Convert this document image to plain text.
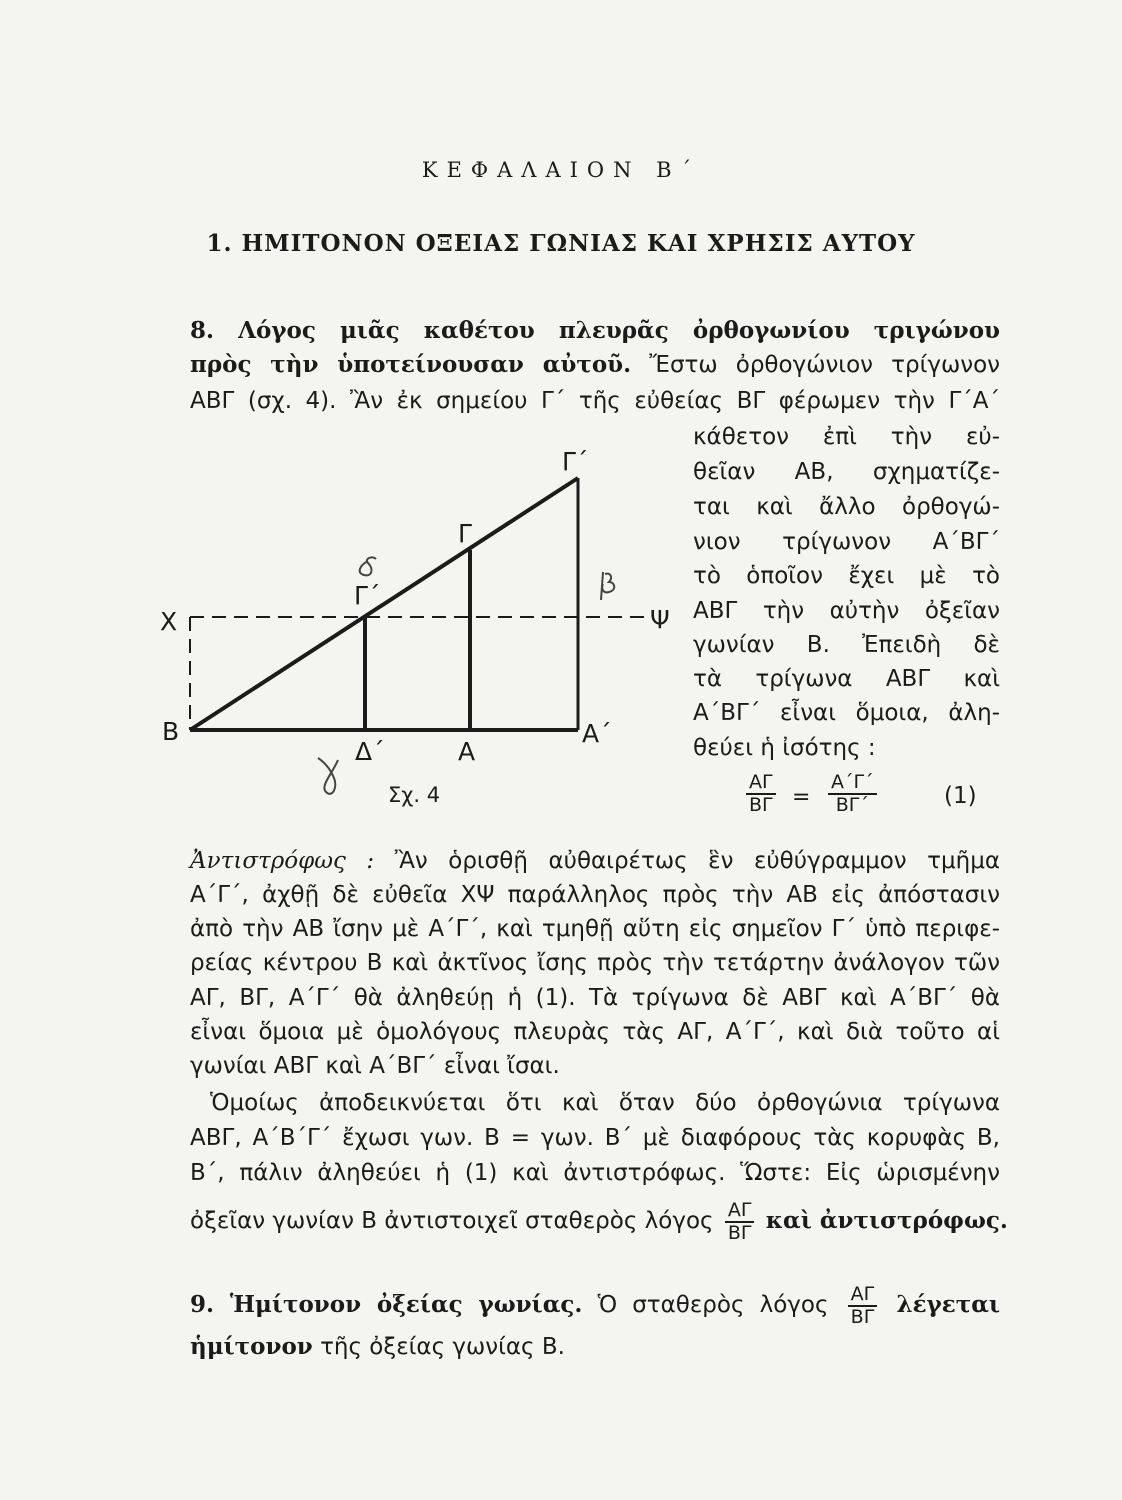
ΚΕΦΑΛΑΙΟΝ Β΄
1. ΗΜΙΤΟΝΟΝ ΟΞΕΙΑΣ ΓΩΝΙΑΣ ΚΑΙ ΧΡΗΣΙΣ ΑΥΤΟΥ
8. Λόγος μιᾶς καθέτου πλευρᾶς ὀρθογωνίου τριγώνου
πρὸς τὴν ὑποτείνουσαν αὐτοῦ. Ἔστω ὀρθογώνιον τρίγωνον
ΑΒΓ (σχ. 4). Ἂν ἐκ σημείου Γ΄ τῆς εὐθείας ΒΓ φέρωμεν τὴν Γ΄Α΄
κάθετον ἐπὶ τὴν εὐ-
θεῖαν ΑΒ, σχηματίζε-
ται καὶ ἄλλο ὀρθογώ-
νιον τρίγωνον Α΄ΒΓ΄
τὸ ὁποῖον ἔχει μὲ τὸ
ΑΒΓ τὴν αὐτὴν ὀξεῖαν
γωνίαν Β. Ἐπειδὴ δὲ
τὰ τρίγωνα ΑΒΓ καὶ
Α΄ΒΓ΄ εἶναι ὅμοια, ἀλη-
θεύει ἡ ἰσότης :
$\frac{A\Gamma}{B\Gamma} = \frac{A΄\Gamma΄}{B\Gamma΄}$	(1)
Χ	Ψ
Β
Δ΄	Α
Α΄
Γ
Γ΄
Γ΄
Σχ. 4
Ἀντιστρόφως : Ἂν ὁρισθῇ αὐθαιρέτως ἓν εὐθύγραμμον τμῆμα
Α΄Γ΄, ἀχθῇ δὲ εὐθεῖα ΧΨ παράλληλος πρὸς τὴν ΑΒ εἰς ἀπόστασιν
ἀπὸ τὴν ΑΒ ἴσην μὲ Α΄Γ΄, καὶ τμηθῇ αὕτη εἰς σημεῖον Γ΄ ὑπὸ περιφε-
ρείας κέντρου Β καὶ ἀκτῖνος ἴσης πρὸς τὴν τετάρτην ἀνάλογον τῶν
ΑΓ, ΒΓ, Α΄Γ΄ θὰ ἀληθεύῃ ἡ (1). Τὰ τρίγωνα δὲ ΑΒΓ καὶ Α΄ΒΓ΄ θὰ
εἶναι ὅμοια μὲ ὁμολόγους πλευρὰς τὰς ΑΓ, Α΄Γ΄, καὶ διὰ τοῦτο αἱ
γωνίαι ΑΒΓ καὶ Α΄ΒΓ΄ εἶναι ἴσαι.
Ὁμοίως ἀποδεικνύεται ὅτι καὶ ὅταν δύο ὀρθογώνια τρίγωνα
ΑΒΓ, Α΄Β΄Γ΄ ἔχωσι γων. Β = γων. Β΄ μὲ διαφόρους τὰς κορυφὰς Β,
Β΄, πάλιν ἀληθεύει ἡ (1) καὶ ἀντιστρόφως. Ὥστε: Εἰς ὡρισμένην
ὀξεῖαν γωνίαν Β ἀντιστοιχεῖ σταθερὸς λόγος $\frac{A\Gamma}{B\Gamma}$ καὶ ἀντιστρόφως.
9. Ἡμίτονον ὀξείας γωνίας. Ὁ σταθερὸς λόγος $\frac{A\Gamma}{B\Gamma}$ λέγεται
ἡμίτονον τῆς ὀξείας γωνίας Β.
